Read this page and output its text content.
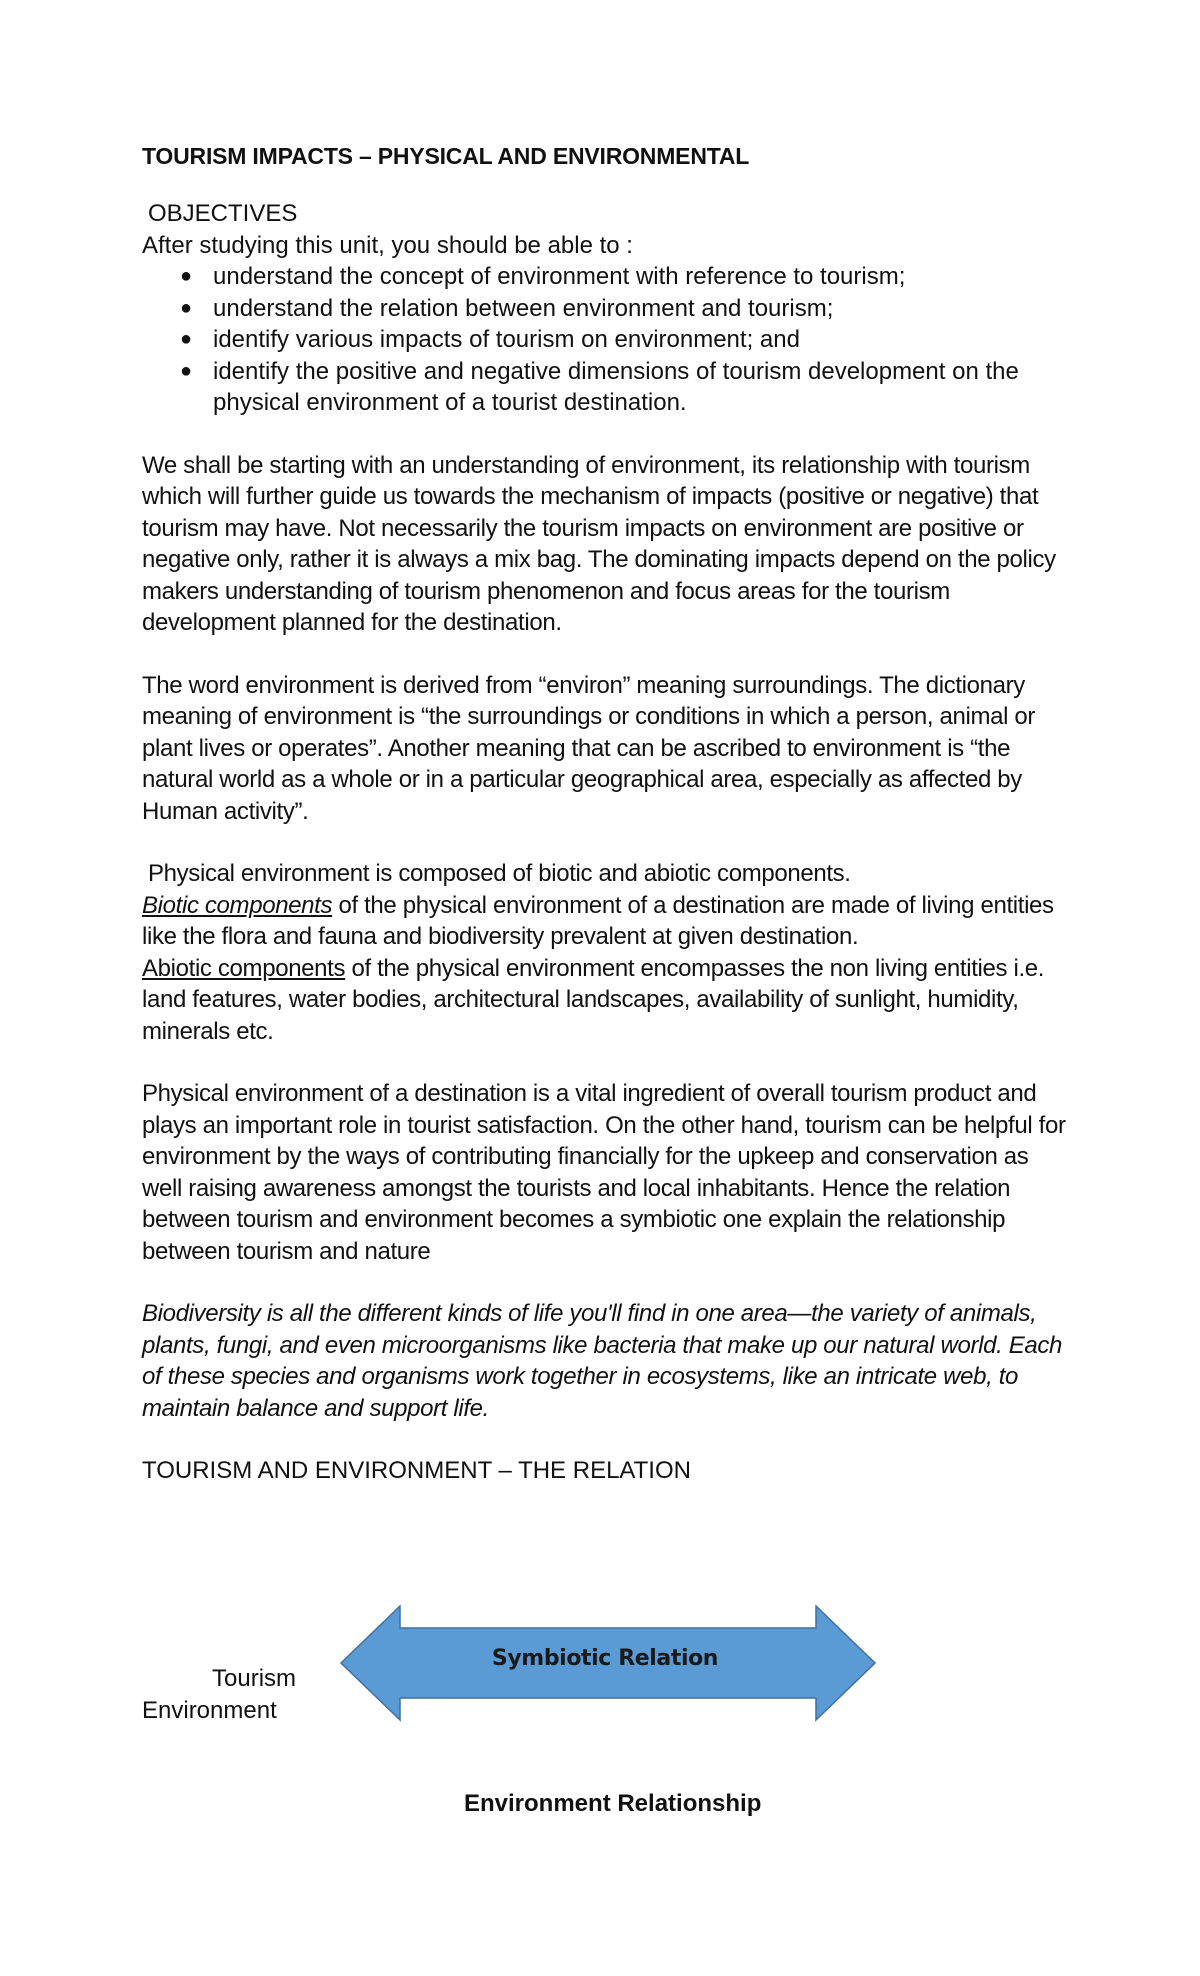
TOURISM IMPACTS – PHYSICAL AND ENVIRONMENTAL
OBJECTIVES
After studying this unit, you should be able to :
● understand the concept of environment with reference to tourism;
● understand the relation between environment and tourism;
● identify various impacts of tourism on environment; and
● identify the positive and negative dimensions of tourism development on the physical environment of a tourist destination.

We shall be starting with an understanding of environment, its relationship with tourism which will further guide us towards the mechanism of impacts (positive or negative) that tourism may have. Not necessarily the tourism impacts on environment are positive or negative only, rather it is always a mix bag. The dominating impacts depend on the policy makers understanding of tourism phenomenon and focus areas for the tourism development planned for the destination.

The word environment is derived from “environ” meaning surroundings. The dictionary meaning of environment is “the surroundings or conditions in which a person, animal or plant lives or operates”. Another meaning that can be ascribed to environment is “the natural world as a whole or in a particular geographical area, especially as affected by Human activity”.

Physical environment is composed of biotic and abiotic components.

Biotic components of the physical environment of a destination are made of living entities like the flora and fauna and biodiversity prevalent at given destination.

Abiotic components of the physical environment encompasses the non living entities i.e. land features, water bodies, architectural landscapes, availability of sunlight, humidity, minerals etc.

Physical environment of a destination is a vital ingredient of overall tourism product and plays an important role in tourist satisfaction. On the other hand, tourism can be helpful for environment by the ways of contributing financially for the upkeep and conservation as well raising awareness amongst the tourists and local inhabitants. Hence the relation between tourism and environment becomes a symbiotic one explain the relationship between tourism and nature

Biodiversity is all the different kinds of life you'll find in one area—the variety of animals, plants, fungi, and even microorganisms like bacteria that make up our natural world. Each of these species and organisms work together in ecosystems, like an intricate web, to maintain balance and support life.

TOURISM AND ENVIRONMENT – THE RELATION
Tourism
Environment
Symbiotic Relation
Environment Relationship
